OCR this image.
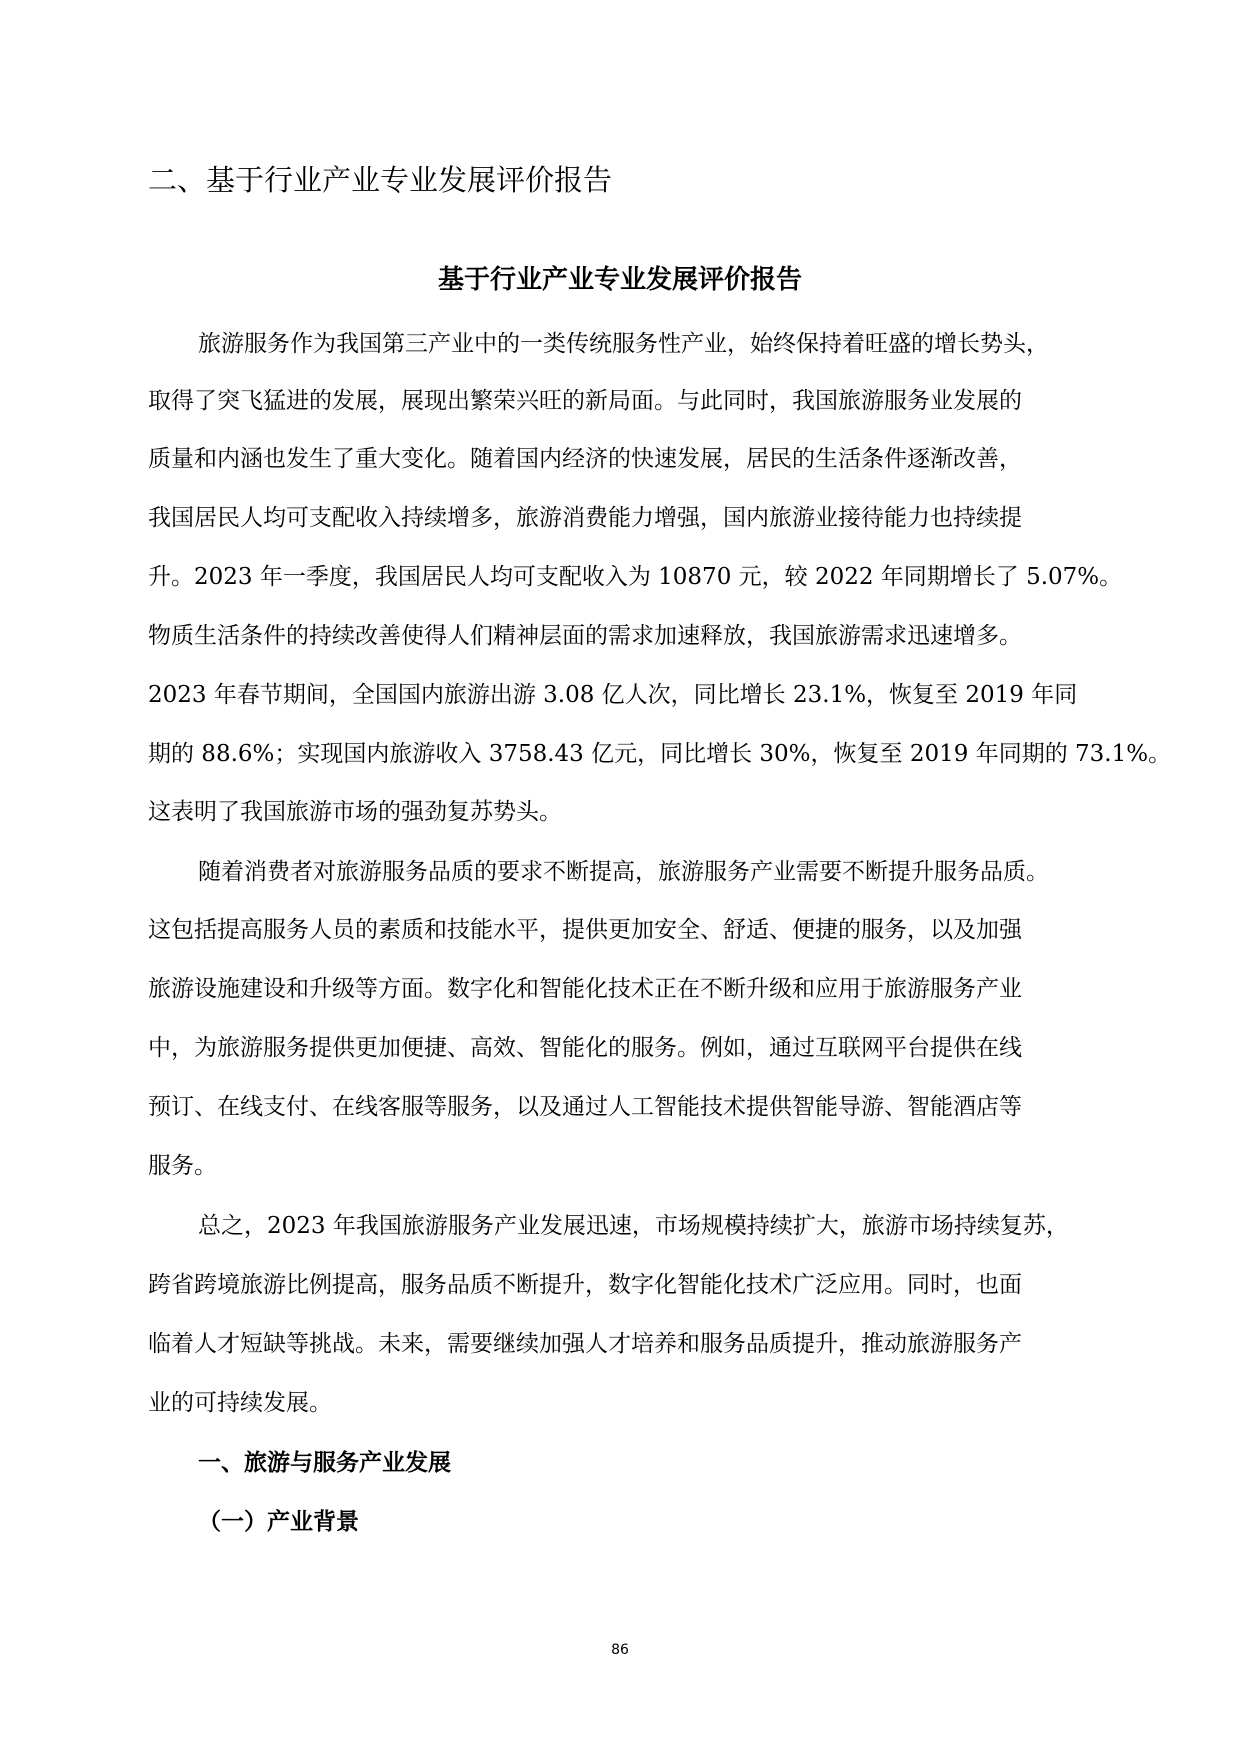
二、基于行业产业专业发展评价报告
基于行业产业专业发展评价报告

旅游服务作为我国第三产业中的一类传统服务性产业，始终保持着旺盛的增长势头，

取得了突飞猛进的发展，展现出繁荣兴旺的新局面。与此同时，我国旅游服务业发展的

质量和内涵也发生了重大变化。随着国内经济的快速发展，居民的生活条件逐渐改善，

我国居民人均可支配收入持续增多，旅游消费能力增强，国内旅游业接待能力也持续提

升。2023 年一季度，我国居民人均可支配收入为 10870 元，较 2022 年同期增长了 5.07%。

物质生活条件的持续改善使得人们精神层面的需求加速释放，我国旅游需求迅速增多。

2023 年春节期间，全国国内旅游出游 3.08 亿人次，同比增长 23.1%，恢复至 2019 年同

期的 88.6%；实现国内旅游收入 3758.43 亿元，同比增长 30%，恢复至 2019 年同期的 73.1%。

这表明了我国旅游市场的强劲复苏势头。

随着消费者对旅游服务品质的要求不断提高，旅游服务产业需要不断提升服务品质。

这包括提高服务人员的素质和技能水平，提供更加安全、舒适、便捷的服务，以及加强

旅游设施建设和升级等方面。数字化和智能化技术正在不断升级和应用于旅游服务产业

中，为旅游服务提供更加便捷、高效、智能化的服务。例如，通过互联网平台提供在线

预订、在线支付、在线客服等服务，以及通过人工智能技术提供智能导游、智能酒店等

服务。

总之，2023 年我国旅游服务产业发展迅速，市场规模持续扩大，旅游市场持续复苏，

跨省跨境旅游比例提高，服务品质不断提升，数字化智能化技术广泛应用。同时，也面

临着人才短缺等挑战。未来，需要继续加强人才培养和服务品质提升，推动旅游服务产

业的可持续发展。

一、旅游与服务产业发展

（一）产业背景

86
